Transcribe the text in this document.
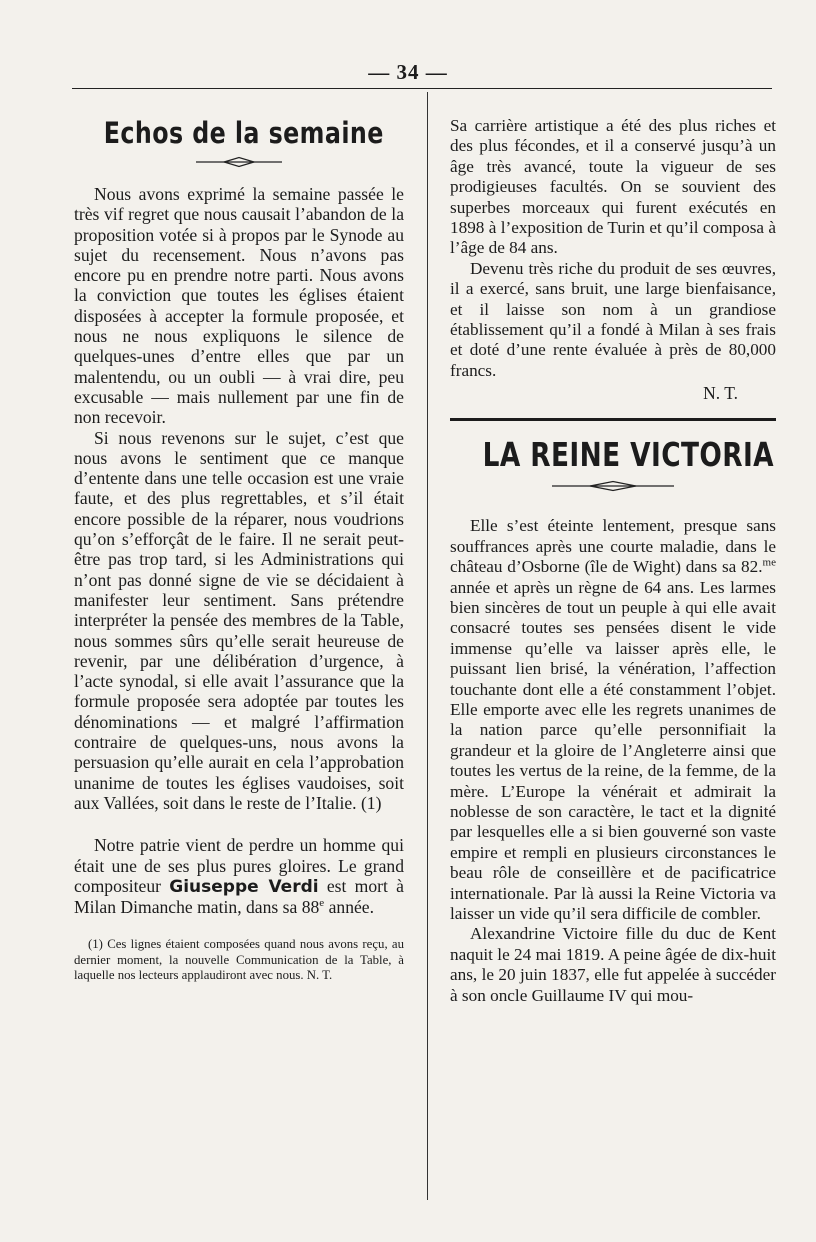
— 34 —
Echos de la semaine

Nous avons exprimé la semaine passée le très vif regret que nous causait l’abandon de la proposition votée si à propos par le Synode au sujet du recensement. Nous n’avons pas encore pu en prendre notre parti. Nous avons la conviction que toutes les églises étaient disposées à accepter la formule proposée, et nous ne nous expliquons le silence de quelques-unes d’entre elles que par un malentendu, ou un oubli — à vrai dire, peu excusable — mais nullement par une fin de non recevoir.

Si nous revenons sur le sujet, c’est que nous avons le sentiment que ce manque d’entente dans une telle occasion est une vraie faute, et des plus regrettables, et s’il était encore possible de la réparer, nous voudrions qu’on s’efforçât de le faire. Il ne serait peut-être pas trop tard, si les Administrations qui n’ont pas donné signe de vie se décidaient à manifester leur sentiment. Sans prétendre interpréter la pensée des membres de la Table, nous sommes sûrs qu’elle serait heureuse de revenir, par une délibération d’urgence, à l’acte synodal, si elle avait l’assurance que la formule proposée sera adoptée par toutes les dénominations — et malgré l’affirmation contraire de quelques-uns, nous avons la persuasion qu’elle aurait en cela l’approbation unanime de toutes les églises vaudoises, soit aux Vallées, soit dans le reste de l’Italie. (1)

Notre patrie vient de perdre un homme qui était une de ses plus pures gloires. Le grand compositeur Giuseppe Verdi est mort à Milan Dimanche matin, dans sa 88e année.

(1) Ces lignes étaient composées quand nous avons reçu, au dernier moment, la nouvelle Communication de la Table, à laquelle nos lecteurs applaudiront avec nous. N. T.

Sa carrière artistique a été des plus riches et des plus fécondes, et il a conservé jusqu’à un âge très avancé, toute la vigueur de ses prodigieuses facultés. On se souvient des superbes morceaux qui furent exécutés en 1898 à l’exposition de Turin et qu’il composa à l’âge de 84 ans.

Devenu très riche du produit de ses œuvres, il a exercé, sans bruit, une large bienfaisance, et il laisse son nom à un grandiose établissement qu’il a fondé à Milan à ses frais et doté d’une rente évaluée à près de 80,000 francs.

N. T.
LA REINE VICTORIA

Elle s’est éteinte lentement, presque sans souffrances après une courte maladie, dans le château d’Osborne (île de Wight) dans sa 82.$^{me}$ année et après un règne de 64 ans. Les larmes bien sincères de tout un peuple à qui elle avait consacré toutes ses pensées disent le vide immense qu’elle va laisser après elle, le puissant lien brisé, la vénération, l’affection touchante dont elle a été constamment l’objet. Elle emporte avec elle les regrets unanimes de la nation parce qu’elle personnifiait la grandeur et la gloire de l’Angleterre ainsi que toutes les vertus de la reine, de la femme, de la mère. L’Europe la vénérait et admirait la noblesse de son caractère, le tact et la dignité par lesquelles elle a si bien gouverné son vaste empire et rempli en plusieurs circonstances le beau rôle de conseillère et de pacificatrice internationale. Par là aussi la Reine Victoria va laisser un vide qu’il sera difficile de combler.

Alexandrine Victoire fille du duc de Kent naquit le 24 mai 1819. A peine âgée de dix-huit ans, le 20 juin 1837, elle fut appelée à succéder à son oncle Guillaume IV qui mou-
